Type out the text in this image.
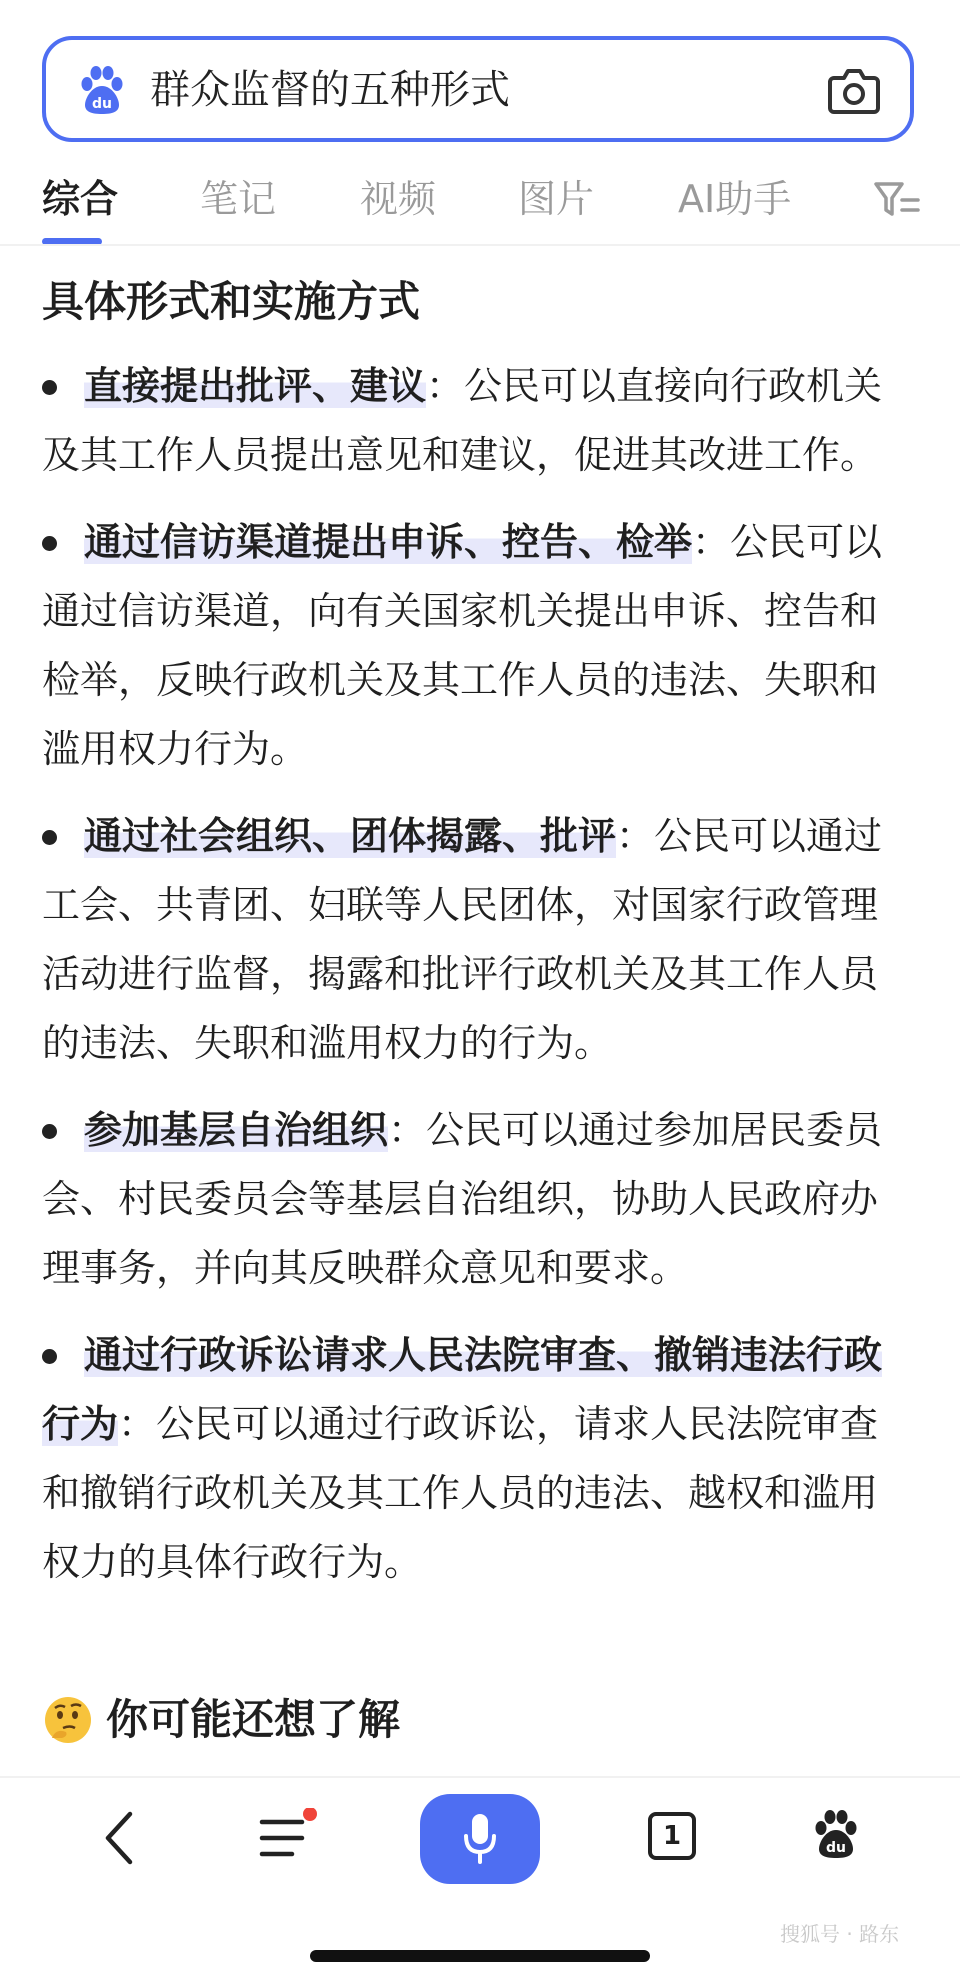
du 群众监督的五种形式
综合 笔记 视频 图片 AI助手
具体形式和实施方式
直接提出批评、建议：公民可以直接向行政机关及其工作人员提出意见和建议，促进其改进工作。
通过信访渠道提出申诉、控告、检举：公民可以通过信访渠道，向有关国家机关提出申诉、控告和检举，反映行政机关及其工作人员的违法、失职和滥用权力行为。
通过社会组织、团体揭露、批评：公民可以通过工会、共青团、妇联等人民团体，对国家行政管理活动进行监督，揭露和批评行政机关及其工作人员的违法、失职和滥用权力的行为。
参加基层自治组织：公民可以通过参加居民委员会、村民委员会等基层自治组织，协助人民政府办理事务，并向其反映群众意见和要求。
通过行政诉讼请求人民法院审查、撤销违法行政行为：公民可以通过行政诉讼，请求人民法院审查和撤销行政机关及其工作人员的违法、越权和滥用权力的具体行政行为。
你可能还想了解
1	du
搜狐号 · 路东
